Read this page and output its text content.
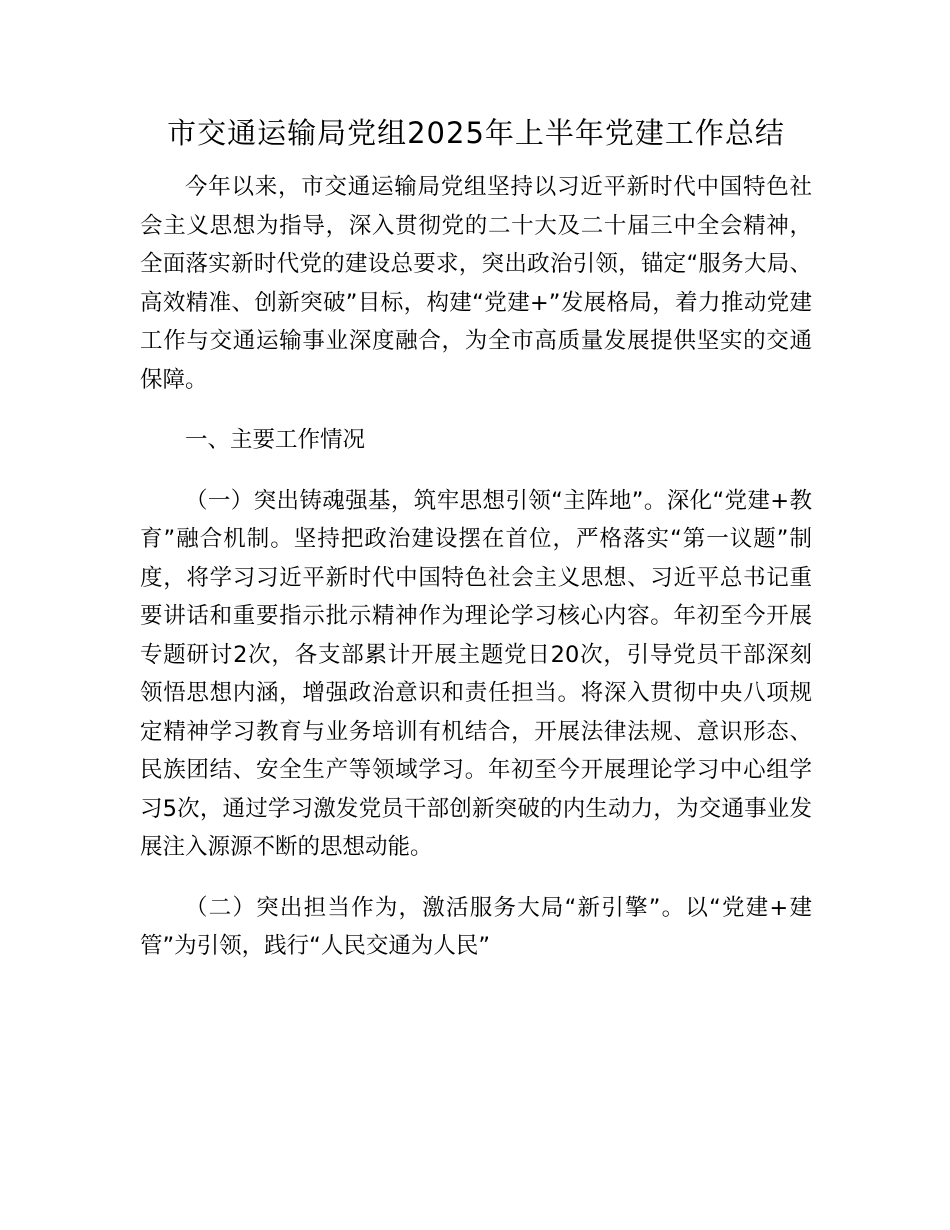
市交通运输局党组2025年上半年党建工作总结

今年以来，市交通运输局党组坚持以习近平新时代中国特色社会主义思想为指导，深入贯彻党的二十大及二十届三中全会精神，全面落实新时代党的建设总要求，突出政治引领，锚定“服务大局、高效精准、创新突破”目标，构建“党建+”发展格局，着力推动党建工作与交通运输事业深度融合，为全市高质量发展提供坚实的交通保障。

一、主要工作情况

（一）突出铸魂强基，筑牢思想引领“主阵地”。深化“党建+教育”融合机制。坚持把政治建设摆在首位，严格落实“第一议题”制度，将学习习近平新时代中国特色社会主义思想、习近平总书记重要讲话和重要指示批示精神作为理论学习核心内容。年初至今开展专题研讨2次，各支部累计开展主题党日20次，引导党员干部深刻领悟思想内涵，增强政治意识和责任担当。将深入贯彻中央八项规定精神学习教育与业务培训有机结合，开展法律法规、意识形态、民族团结、安全生产等领域学习。年初至今开展理论学习中心组学习5次，通过学习激发党员干部创新突破的内生动力，为交通事业发展注入源源不断的思想动能。

（二）突出担当作为，激活服务大局“新引擎”。以“党建+建管”为引领，践行“人民交通为人民”
